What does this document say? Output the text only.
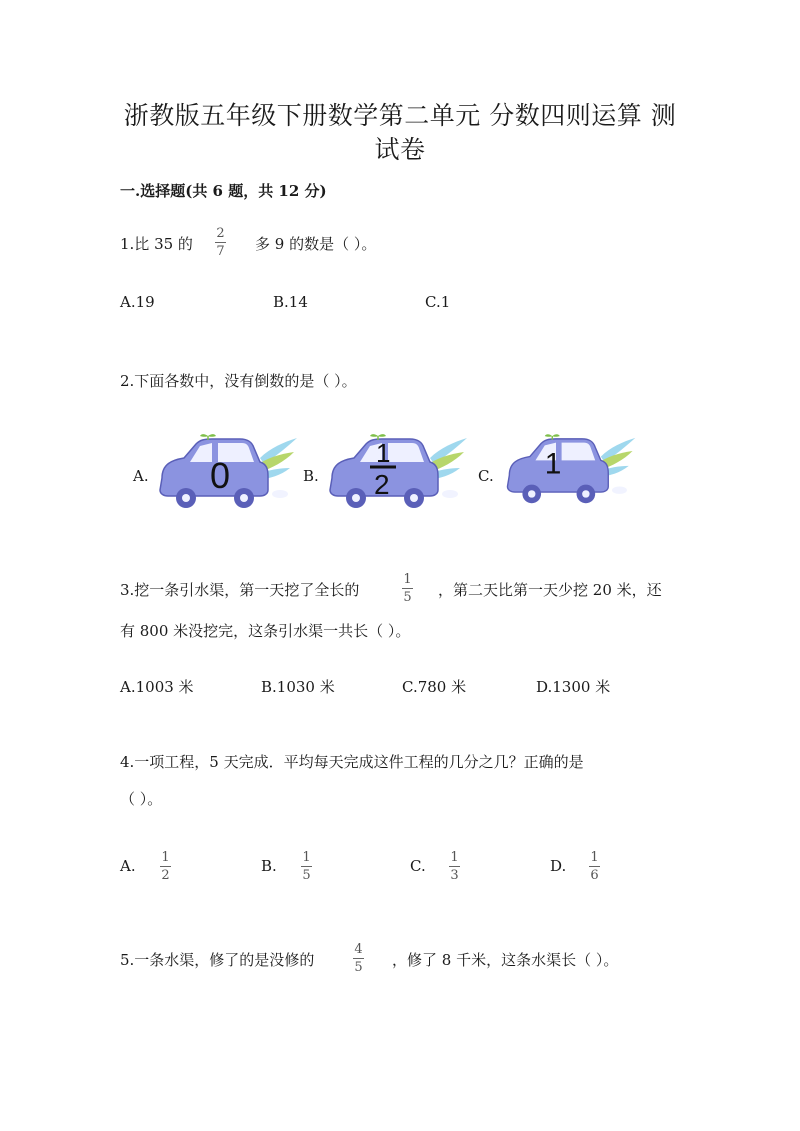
浙教版五年级下册数学第二单元 分数四则运算 测
试卷
一.选择题(共 6 题，共 12 分)
1.比 35 的
2
7 多 9 的数是（ ）。
A.19	B.14	C.1
2.下面各数中，没有倒数的是（ ）。
A. 0	B.
1
2	C. 1
3.挖一条引水渠，第一天挖了全长的
1
5 ，第二天比第一天少挖 20 米，还
有 800 米没挖完，这条引水渠一共长（ ）。
A.1003 米	B.1030 米	C.780 米	D.1300 米
4.一项工程，5 天完成．平均每天完成这件工程的几分之几？正确的是
（ ）。
A. 1
2
B. 1
5
C. 1
3
D. 1
6
5.一条水渠，修了的是没修的
4
5 ，修了 8 千米，这条水渠长（ ）。
